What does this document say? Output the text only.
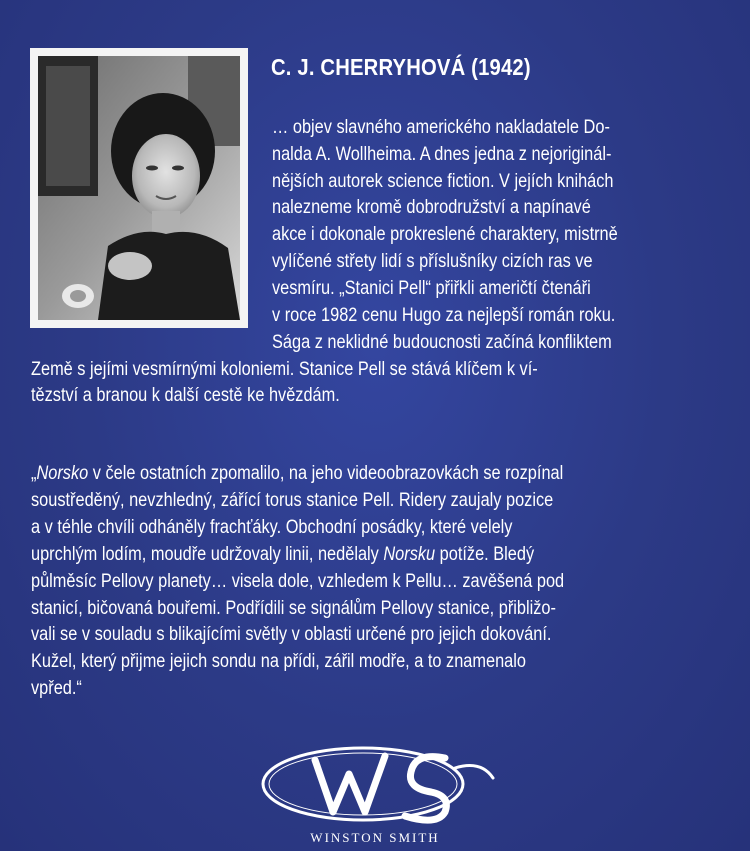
C. J. CHERRYHOVÁ (1942)
… objev slavného amerického nakladatele Do-
nalda A. Wollheima. A dnes jedna z nejoriginál-
nějších autorek science fiction. V jejích knihách
nalezneme kromě dobrodružství a napínavé
akce i dokonale prokreslené charaktery, mistrně
vylíčené střety lidí s příslušníky cizích ras ve
vesmíru. „Stanici Pell“ přiřkli američtí čtenáři
v roce 1982 cenu Hugo za nejlepší román roku.
Sága z neklidné budoucnosti začíná konfliktem
Země s jejími vesmírnými koloniemi. Stanice Pell se stává klíčem k ví-
tězství a branou k další cestě ke hvězdám.
„Norsko v čele ostatních zpomalilo, na jeho videoobrazovkách se rozpínal
soustředěný, nevzhledný, zářící torus stanice Pell. Ridery zaujaly pozice
a v téhle chvíli odháněly frachťáky. Obchodní posádky, které velely
uprchlým lodím, moudře udržovaly linii, nedělaly Norsku potíže. Bledý
půlměsíc Pellovy planety… visela dole, vzhledem k Pellu… zavěšená pod
stanicí, bičovaná bouřemi. Podřídili se signálům Pellovy stanice, přibližo-
vali se v souladu s blikajícími světly v oblasti určené pro jejich dokování.
Kužel, který přijme jejich sondu na přídi, zářil modře, a to znamenalo
vpřed.“
WINSTON SMITH
